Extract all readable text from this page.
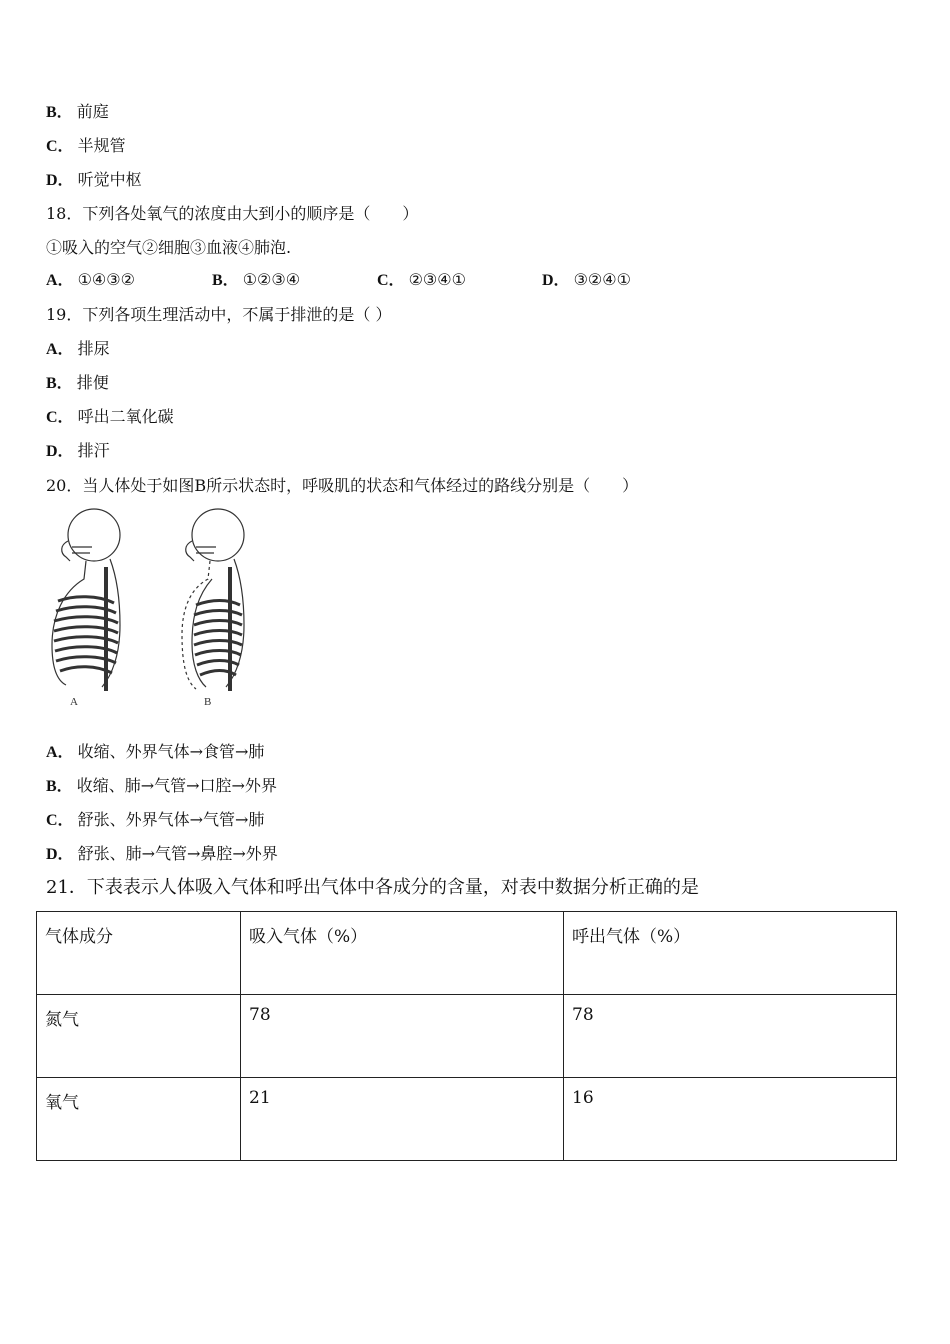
B． 前庭
C． 半规管
D． 听觉中枢
18．下列各处氧气的浓度由大到小的顺序是（　　）
①吸入的空气②细胞③血液④肺泡.
A． ①④③②	B． ①②③④	C． ②③④①	D． ③②④①
19．下列各项生理活动中，不属于排泄的是（ ）
A． 排尿
B． 排便
C． 呼出二氧化碳
D． 排汗
20．当人体处于如图B所示状态时，呼吸肌的状态和气体经过的路线分别是（　　）
A	B
A． 收缩、外界气体→食管→肺
B． 收缩、肺→气管→口腔→外界
C． 舒张、外界气体→气管→肺
D． 舒张、肺→气管→鼻腔→外界
21．下表表示人体吸入气体和呼出气体中各成分的含量，对表中数据分析正确的是
气体成分	吸入气体（%）	呼出气体（%）
氮气	78	78
氧气	21	16
